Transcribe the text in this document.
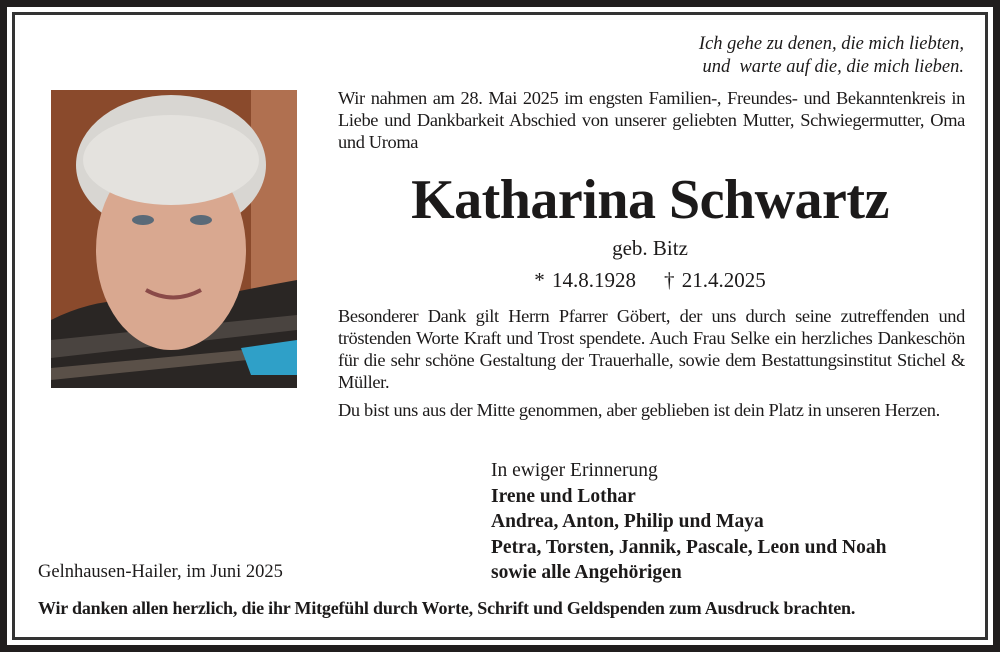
Ich gehe zu denen, die mich liebten,
und  warte auf die, die mich lieben.
Wir nahmen am 28. Mai 2025 im engsten Familien-, Freundes- und Bekanntenkreis in Liebe und Dankbarkeit Abschied von unserer geliebten Mutter, Schwiegermutter, Oma und Uroma
Katharina Schwartz
geb. Bitz
* 14.8.1928 † 21.4.2025
Besonderer Dank gilt Herrn Pfarrer Göbert, der uns durch seine zutreffenden und tröstenden Worte Kraft und Trost spendete. Auch Frau Selke ein herzliches Dankeschön für die sehr schöne Gestaltung der Trauerhalle, sowie dem Bestattungsinstitut Stichel & Müller.
Du bist uns aus der Mitte genommen, aber geblieben ist dein Platz in unseren Herzen.
In ewiger Erinnerung
Irene und Lothar
Andrea, Anton, Philip und Maya
Petra, Torsten, Jannik, Pascale, Leon und Noah
sowie alle Angehörigen
Gelnhausen-Hailer, im Juni 2025
Wir danken allen herzlich, die ihr Mitgefühl durch Worte, Schrift und Geldspenden zum Ausdruck brachten.
